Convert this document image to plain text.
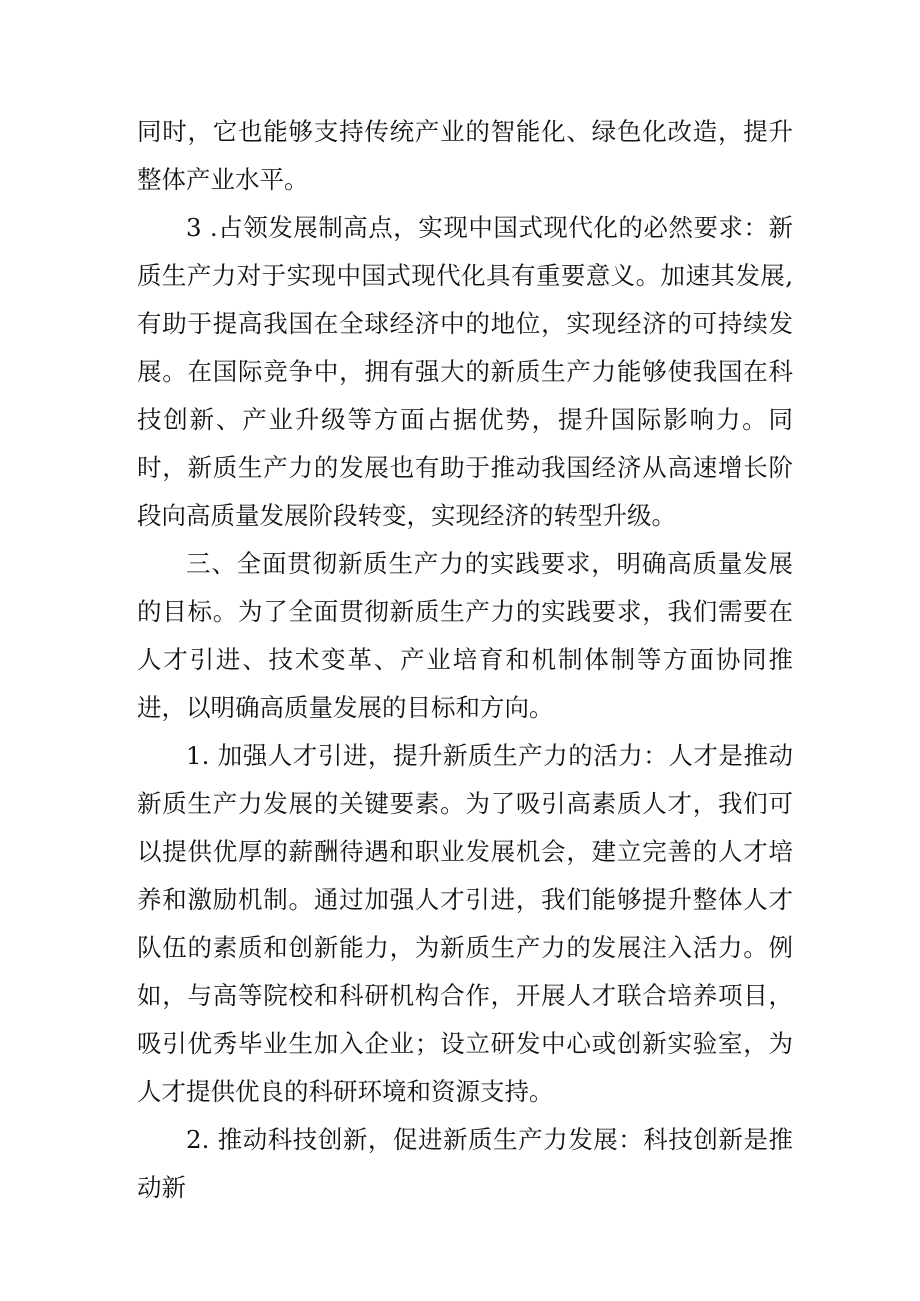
同时，它也能够支持传统产业的智能化、绿色化改造，提升整体产业水平。

3 .占领发展制高点，实现中国式现代化的必然要求：新质生产力对于实现中国式现代化具有重要意义。加速其发展,有助于提高我国在全球经济中的地位，实现经济的可持续发展。在国际竞争中，拥有强大的新质生产力能够使我国在科技创新、产业升级等方面占据优势，提升国际影响力。同时，新质生产力的发展也有助于推动我国经济从高速增长阶段向高质量发展阶段转变，实现经济的转型升级。

三、全面贯彻新质生产力的实践要求，明确高质量发展的目标。为了全面贯彻新质生产力的实践要求，我们需要在人才引进、技术变革、产业培育和机制体制等方面协同推进，以明确高质量发展的目标和方向。

1. 加强人才引进，提升新质生产力的活力：人才是推动新质生产力发展的关键要素。为了吸引高素质人才，我们可以提供优厚的薪酬待遇和职业发展机会，建立完善的人才培养和激励机制。通过加强人才引进，我们能够提升整体人才队伍的素质和创新能力，为新质生产力的发展注入活力。例如，与高等院校和科研机构合作，开展人才联合培养项目，吸引优秀毕业生加入企业；设立研发中心或创新实验室，为人才提供优良的科研环境和资源支持。

2. 推动科技创新，促进新质生产力发展：科技创新是推动新
